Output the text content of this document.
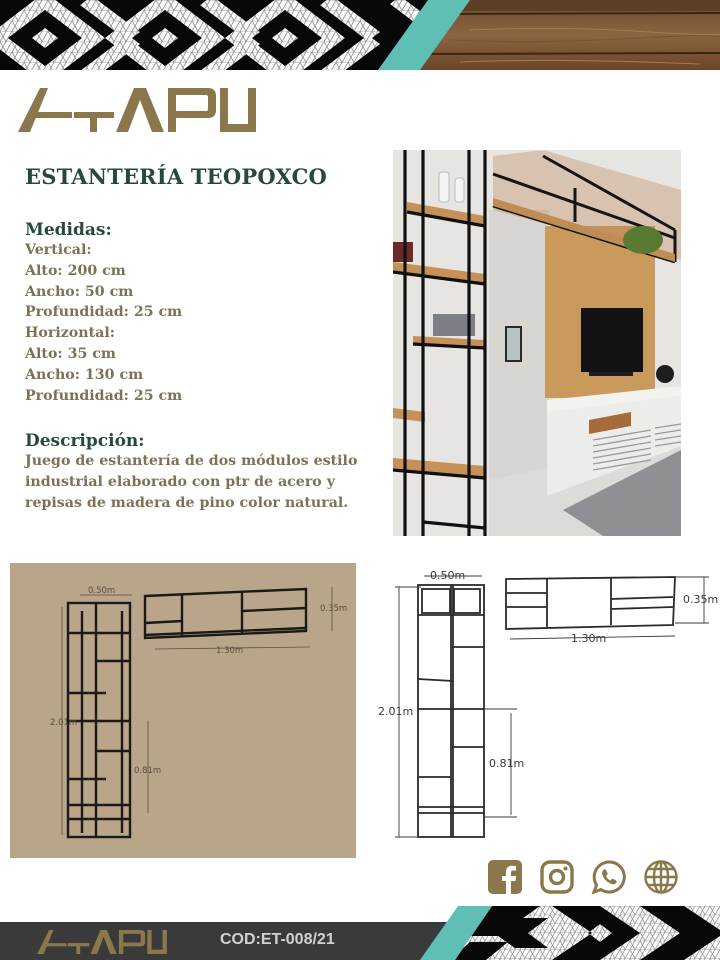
ESTANTERÍA TEOPOXCO
Medidas:

Vertical:

Alto: 200 cm

Ancho: 50 cm

Profundidad: 25 cm

Horizontal:

Alto: 35 cm

Ancho: 130 cm

Profundidad: 25 cm

Descripción:

Juego de estantería de dos módulos estilo industrial elaborado con ptr de acero y repisas de madera de pino color natural.

0.50m
2.01m
0.81m
1.30m
0.35m
0.50m
2.01m
0.81m
1.30m
0.35m

COD:ET-008/21
